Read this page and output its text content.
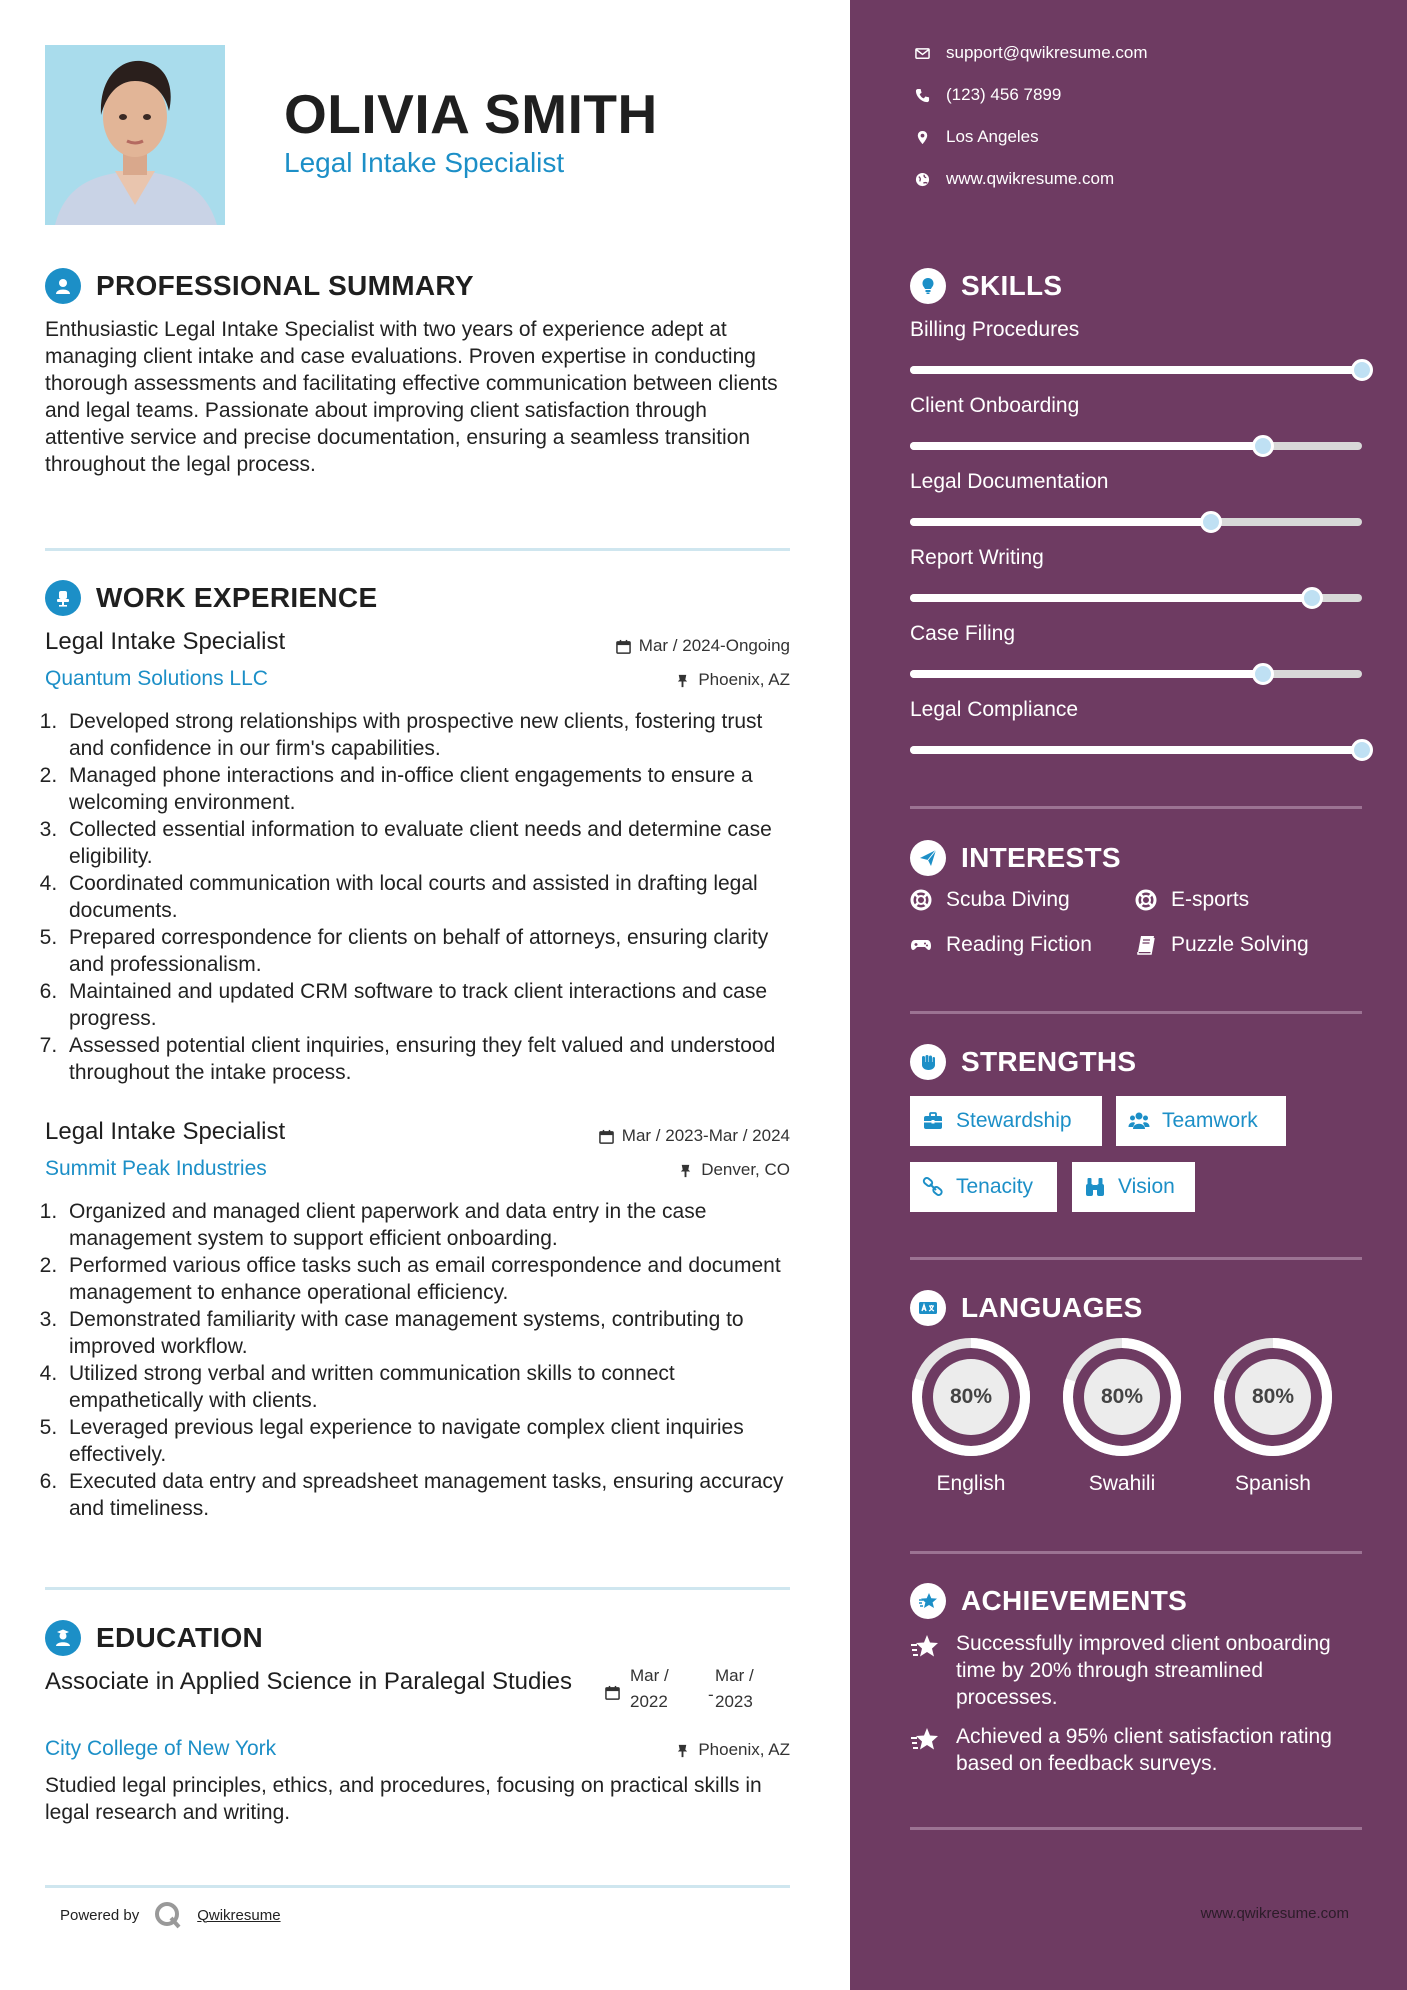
OLIVIA SMITH
Legal Intake Specialist
PROFESSIONAL SUMMARY
Enthusiastic Legal Intake Specialist with two years of experience adept at managing client intake and case evaluations. Proven expertise in conducting thorough assessments and facilitating effective communication between clients and legal teams. Passionate about improving client satisfaction through attentive service and precise documentation, ensuring a seamless transition throughout the legal process.
WORK EXPERIENCE
Legal Intake Specialist	Mar / 2024-Ongoing
Quantum Solutions LLC	Phoenix, AZ
1. Developed strong relationships with prospective new clients, fostering trust and confidence in our firm's capabilities.
2. Managed phone interactions and in-office client engagements to ensure a welcoming environment.
3. Collected essential information to evaluate client needs and determine case eligibility.
4. Coordinated communication with local courts and assisted in drafting legal documents.
5. Prepared correspondence for clients on behalf of attorneys, ensuring clarity and professionalism.
6. Maintained and updated CRM software to track client interactions and case progress.
7. Assessed potential client inquiries, ensuring they felt valued and understood throughout the intake process.
Legal Intake Specialist	Mar / 2023-Mar / 2024
Summit Peak Industries	Denver, CO
1. Organized and managed client paperwork and data entry in the case management system to support efficient onboarding.
2. Performed various office tasks such as email correspondence and document management to enhance operational efficiency.
3. Demonstrated familiarity with case management systems, contributing to improved workflow.
4. Utilized strong verbal and written communication skills to connect empathetically with clients.
5. Leveraged previous legal experience to navigate complex client inquiries effectively.
6. Executed data entry and spreadsheet management tasks, ensuring accuracy and timeliness.
EDUCATION
Associate in Applied Science in Paralegal Studies	Mar / 2022	-
Mar / 2023
City College of New York	Phoenix, AZ
Studied legal principles, ethics, and procedures, focusing on practical skills in legal research and writing.
Powered by	Qwikresume
support@qwikresume.com
(123) 456 7899
Los Angeles
www.qwikresume.com
SKILLS
Billing Procedures
Client Onboarding
Legal Documentation
Report Writing
Case Filing
Legal Compliance
INTERESTS
Scuba Diving	E-sports
Reading Fiction	Puzzle Solving
STRENGTHS
Stewardship	Teamwork
Tenacity	Vision
LANGUAGES
80%
English
80%
Swahili
80%
Spanish
ACHIEVEMENTS
Successfully improved client onboarding time by 20% through streamlined processes.
Achieved a 95% client satisfaction rating based on feedback surveys.
www.qwikresume.com
